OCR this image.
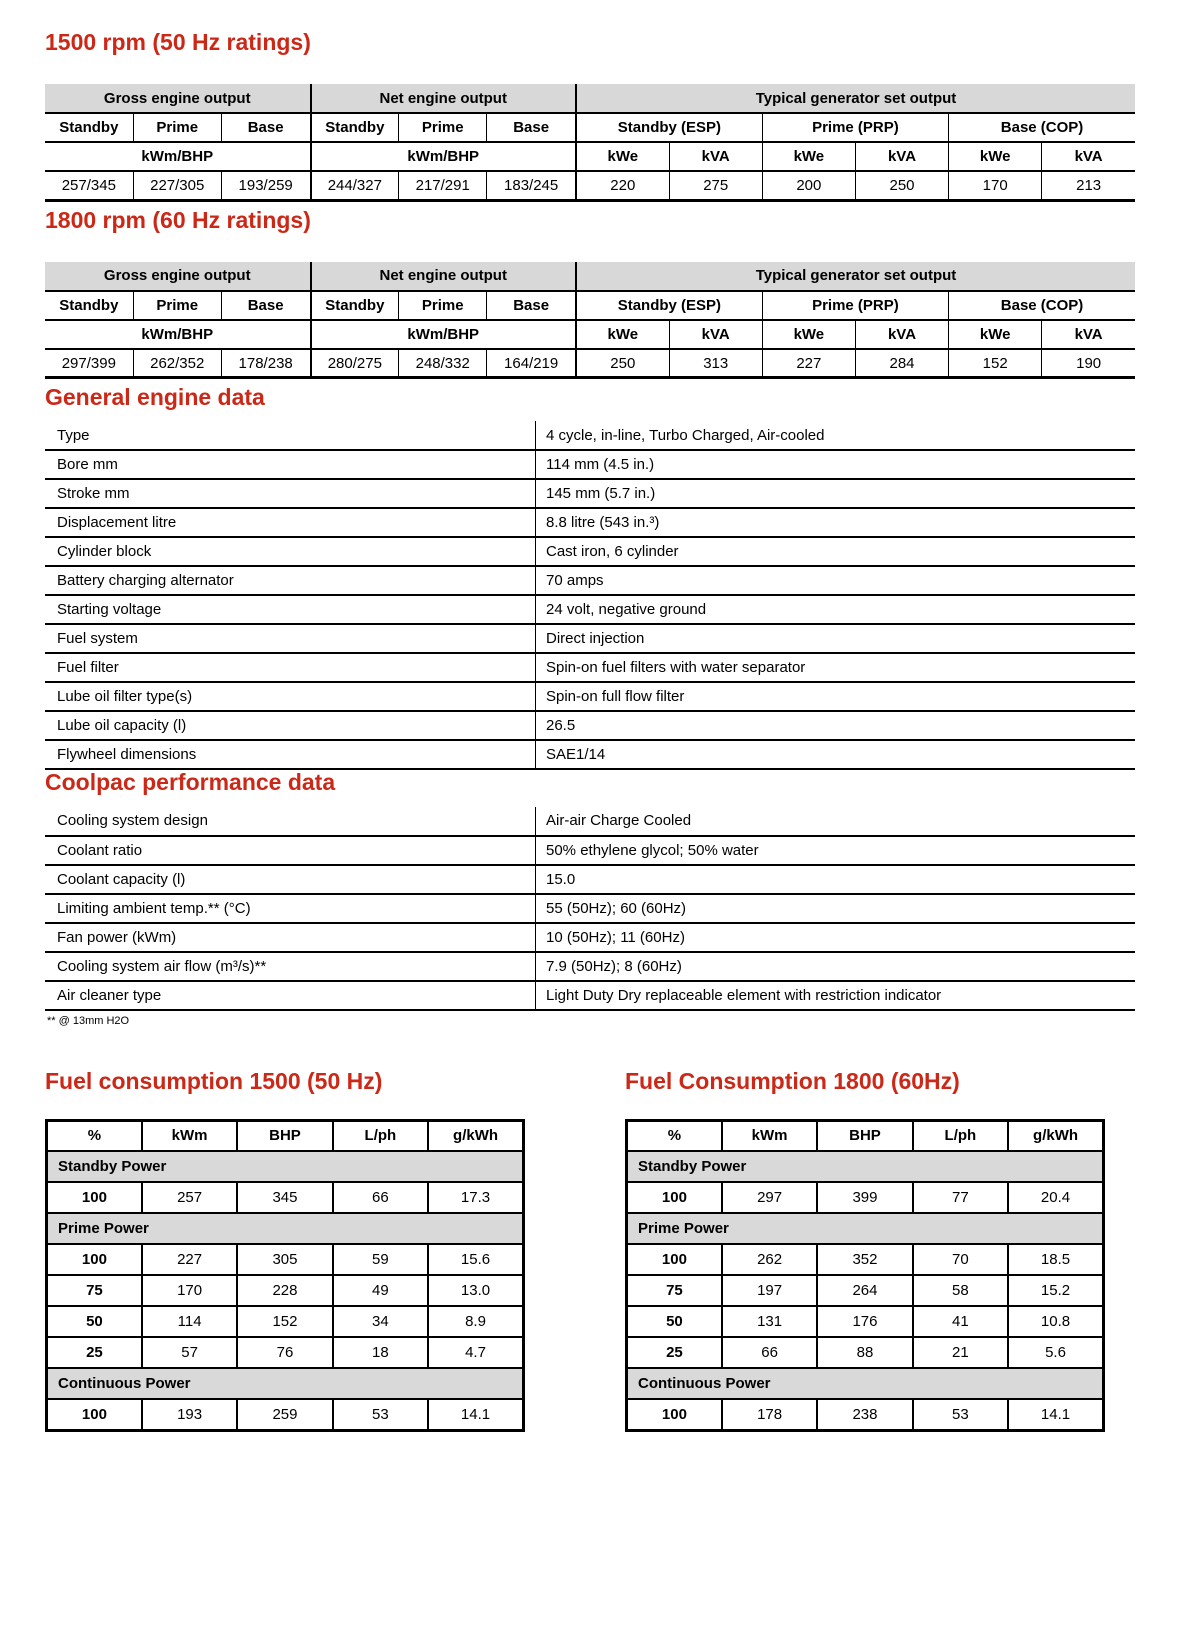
1500 rpm (50 Hz ratings)
Gross engine output			Net engine output			Typical generator set output					
Standby	Prime	Base	Standby	Prime	Base	Standby (ESP)		Prime (PRP)		Base (COP)	
kWm/BHP			kWm/BHP			kWe	kVA	kWe	kVA	kWe	kVA
257/345	227/305	193/259	244/327	217/291	183/245	220	275	200	250	170	213
1800 rpm (60 Hz ratings)
Gross engine output			Net engine output			Typical generator set output					
Standby	Prime	Base	Standby	Prime	Base	Standby (ESP)		Prime (PRP)		Base (COP)	
kWm/BHP			kWm/BHP			kWe	kVA	kWe	kVA	kWe	kVA
297/399	262/352	178/238	280/275	248/332	164/219	250	313	227	284	152	190
General engine data
Type	4 cycle, in-line, Turbo Charged, Air-cooled
Bore mm	114 mm (4.5 in.)
Stroke mm	145 mm (5.7 in.)
Displacement litre	8.8 litre (543 in.³)
Cylinder block	Cast iron, 6 cylinder
Battery charging alternator	70 amps
Starting voltage	24 volt, negative ground
Fuel system	Direct injection
Fuel filter	Spin-on fuel filters with water separator
Lube oil filter type(s)	Spin-on full flow filter
Lube oil capacity (l)	26.5
Flywheel dimensions	SAE1/14
Coolpac performance data
Cooling system design	Air-air Charge Cooled
Coolant ratio	50% ethylene glycol; 50% water
Coolant capacity (l)	15.0
Limiting ambient temp.** (°C)	55 (50Hz); 60 (60Hz)
Fan power (kWm)	10 (50Hz); 11 (60Hz)
Cooling system air flow (m³/s)**	7.9 (50Hz); 8 (60Hz)
Air cleaner type	Light Duty Dry replaceable element with restriction indicator
** @ 13mm H2O
Fuel consumption 1500 (50 Hz)
%	kWm	BHP	L/ph	g/kWh
Standby Power				
100	257	345	66	17.3
Prime Power				
100	227	305	59	15.6
75	170	228	49	13.0
50	114	152	34	8.9
25	57	76	18	4.7
Continuous Power				
100	193	259	53	14.1
Fuel Consumption 1800 (60Hz)
%	kWm	BHP	L/ph	g/kWh
Standby Power				
100	297	399	77	20.4
Prime Power				
100	262	352	70	18.5
75	197	264	58	15.2
50	131	176	41	10.8
25	66	88	21	5.6
Continuous Power				
100	178	238	53	14.1
